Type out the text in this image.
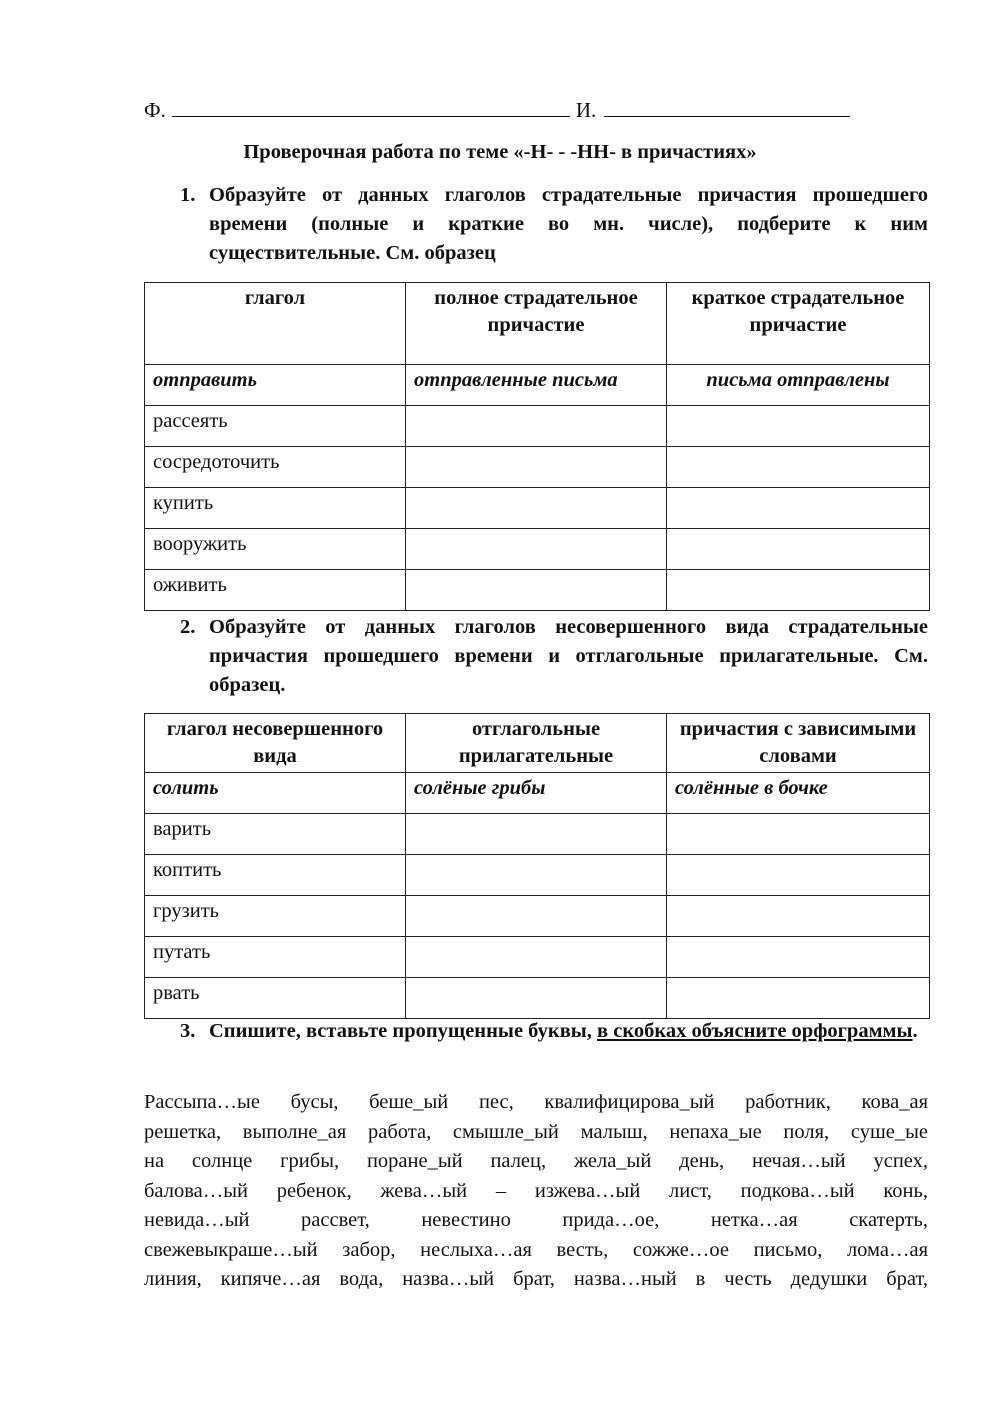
Ф.	И.
Проверочная работа по теме «-Н- - -НН- в причастиях»
1. Образуйте от данных глаголов страдательные причастия прошедшего времени (полные и краткие во мн. числе), подберите к ним существительные. См. образец
глагол	полное страдательное причастие	краткое страдательное причастие
отправить	отправленные письма	письма отправлены
рассеять		
сосредоточить		
купить		
вооружить		
оживить		
2. Образуйте от данных глаголов несовершенного вида страдательные причастия прошедшего времени и отглагольные прилагательные. См. образец.
глагол несовершенного вида	отглагольные прилагательные	причастия с зависимыми словами
солить	солёные грибы	солённые в бочке
варить		
коптить		
грузить		
путать		
рвать		
3. Спишите, вставьте пропущенные буквы, в скобках объясните орфограммы.
Рассыпа…ые бусы, беше_ый пес, квалифицирова_ый работник, кова_ая
решетка, выполне_ая работа, смышле_ый малыш, непаха_ые поля, суше_ые
на солнце грибы, поране_ый палец, жела_ый день, нечая…ый успех,
балова…ый ребенок, жева…ый – изжева…ый лист, подкова…ый конь,
невида…ый рассвет, невестино прида…ое, нетка…ая скатерть,
свежевыкраше…ый забор, неслыха…ая весть, сожже…ое письмо, лома…ая
линия, кипяче…ая вода, назва…ый брат, назва…ный в честь дедушки брат,
